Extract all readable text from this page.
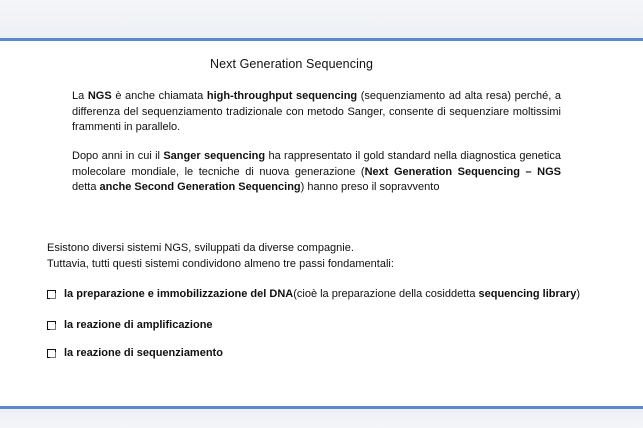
Next Generation Sequencing
La NGS è anche chiamata high-throughput sequencing (sequenziamento ad alta resa) perché, a differenza del sequenziamento tradizionale con metodo Sanger, consente di sequenziare moltissimi frammenti in parallelo.
Dopo anni in cui il Sanger sequencing ha rappresentato il gold standard nella diagnostica genetica molecolare mondiale, le tecniche di nuova generazione (Next Generation Sequencing – NGS detta anche Second Generation Sequencing) hanno preso il sopravvento
Esistono diversi sistemi NGS, sviluppati da diverse compagnie.
Tuttavia, tutti questi sistemi condividono almeno tre passi fondamentali:
la preparazione e immobilizzazione del DNA(cioè la preparazione della cosiddetta sequencing library)
la reazione di amplificazione
la reazione di sequenziamento
